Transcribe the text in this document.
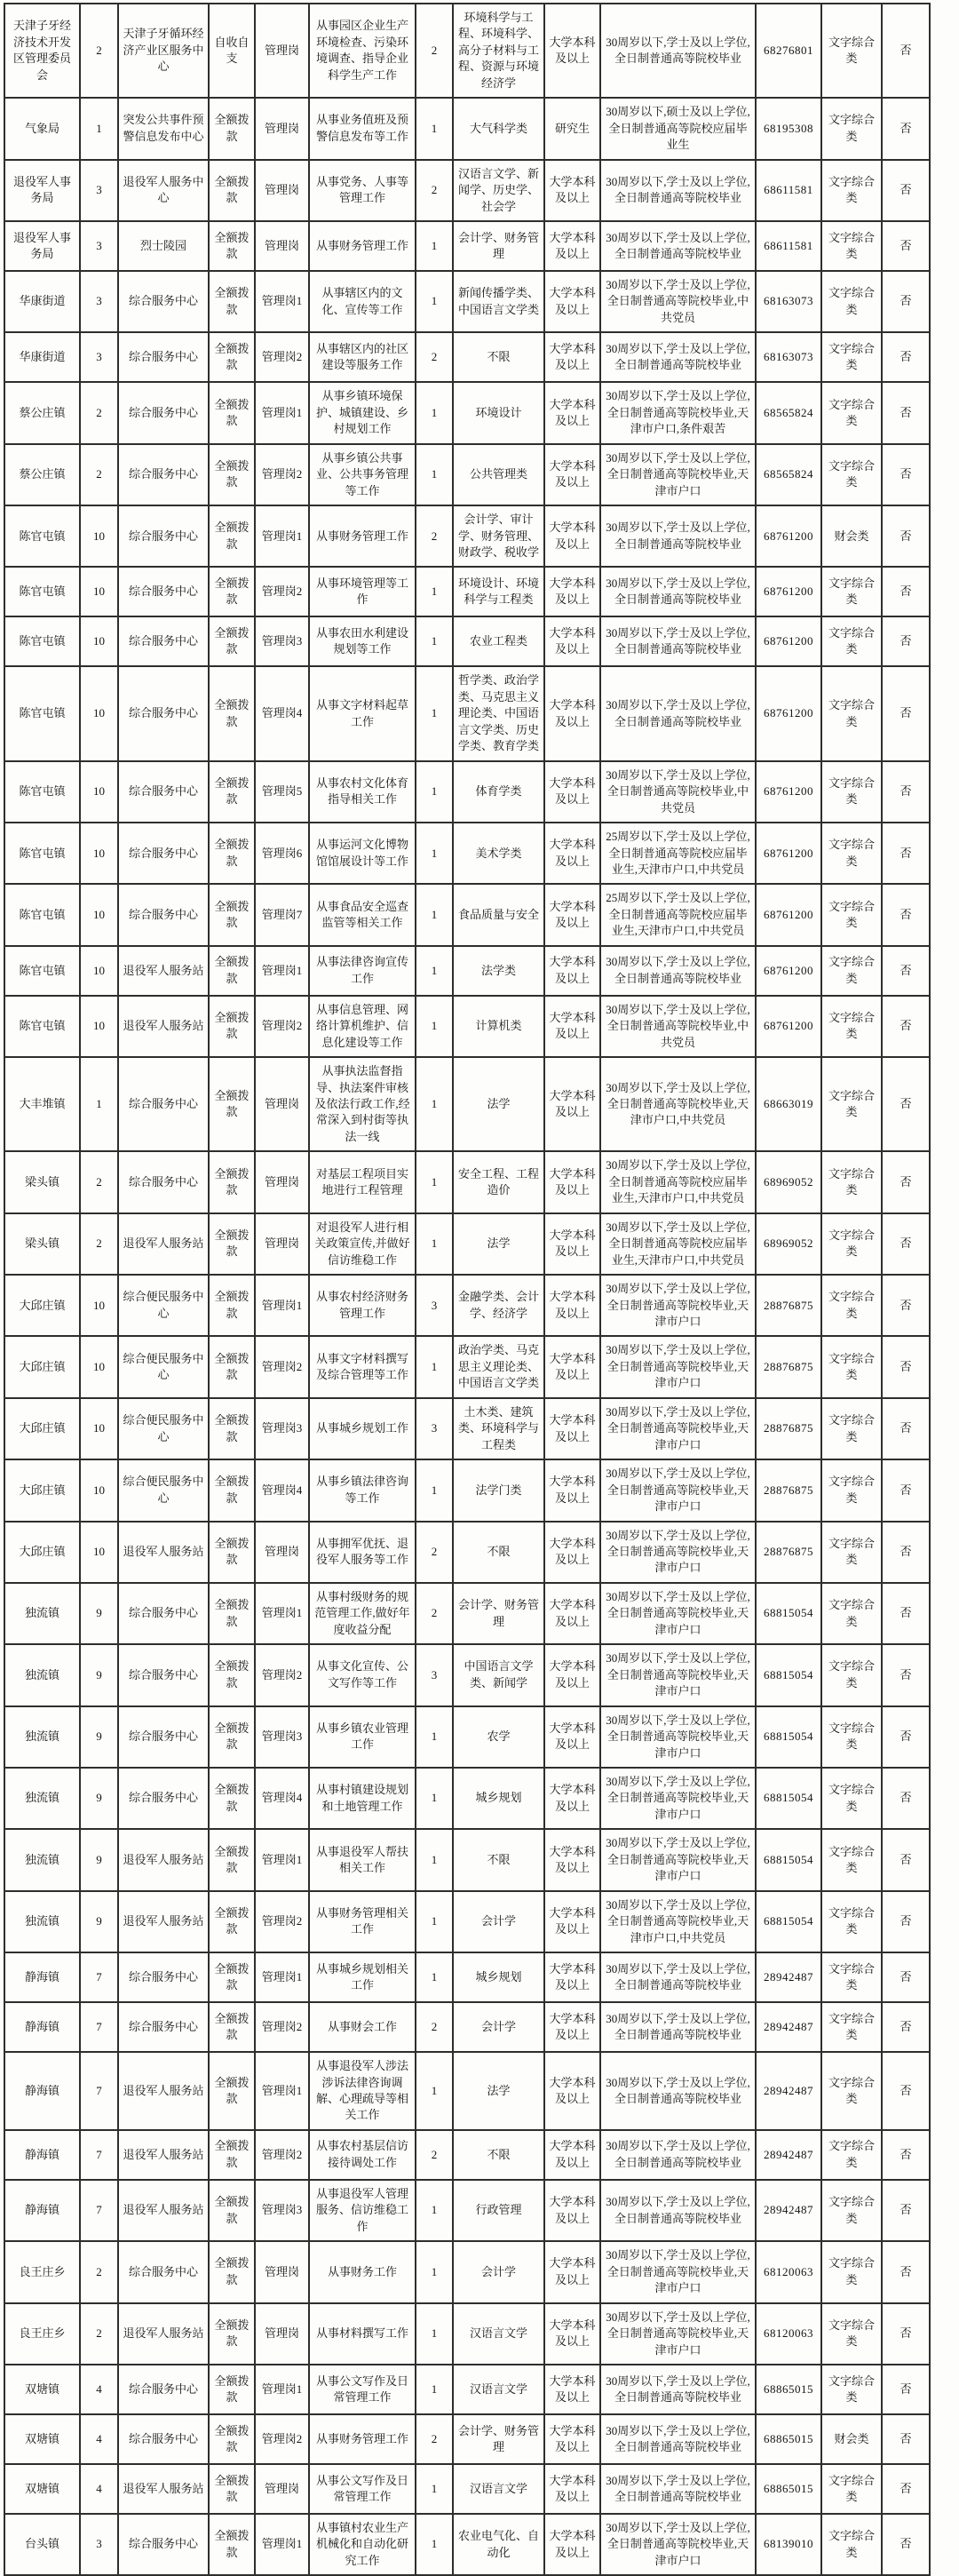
天津子牙经济技术开发区管理委员会	2	天津子牙循环经济产业区服务中心	自收自支	管理岗	从事园区企业生产环境检查、污染环境调查、指导企业科学生产工作	2	环境科学与工程、环境科学、高分子材料与工程、资源与环境经济学	大学本科及以上	30周岁以下,学士及以上学位,全日制普通高等院校毕业	68276801	文字综合类	否
气象局	1	突发公共事件预警信息发布中心	全额拨款	管理岗	从事业务值班及预警信息发布等工作	1	大气科学类	研究生	30周岁以下,硕士及以上学位,全日制普通高等院校应届毕业生	68195308	文字综合类	否
退役军人事务局	3	退役军人服务中心	全额拨款	管理岗	从事党务、人事等管理工作	2	汉语言文学、新闻学、历史学、社会学	大学本科及以上	30周岁以下,学士及以上学位,全日制普通高等院校毕业	68611581	文字综合类	否
退役军人事务局	3	烈士陵园	全额拨款	管理岗	从事财务管理工作	1	会计学、财务管理	大学本科及以上	30周岁以下,学士及以上学位,全日制普通高等院校毕业	68611581	文字综合类	否
华康街道	3	综合服务中心	全额拨款	管理岗1	从事辖区内的文化、宣传等工作	1	新闻传播学类、中国语言文学类	大学本科及以上	30周岁以下,学士及以上学位,全日制普通高等院校毕业,中共党员	68163073	文字综合类	否
华康街道	3	综合服务中心	全额拨款	管理岗2	从事辖区内的社区建设等服务工作	2	不限	大学本科及以上	30周岁以下,学士及以上学位,全日制普通高等院校毕业	68163073	文字综合类	否
蔡公庄镇	2	综合服务中心	全额拨款	管理岗1	从事乡镇环境保护、城镇建设、乡村规划工作	1	环境设计	大学本科及以上	30周岁以下,学士及以上学位,全日制普通高等院校毕业,天津市户口,条件艰苦	68565824	文字综合类	否
蔡公庄镇	2	综合服务中心	全额拨款	管理岗2	从事乡镇公共事业、公共事务管理等工作	1	公共管理类	大学本科及以上	30周岁以下,学士及以上学位,全日制普通高等院校毕业,天津市户口	68565824	文字综合类	否
陈官屯镇	10	综合服务中心	全额拨款	管理岗1	从事财务管理工作	2	会计学、审计学、财务管理、财政学、税收学	大学本科及以上	30周岁以下,学士及以上学位,全日制普通高等院校毕业	68761200	财会类	否
陈官屯镇	10	综合服务中心	全额拨款	管理岗2	从事环境管理等工作	1	环境设计、环境科学与工程类	大学本科及以上	30周岁以下,学士及以上学位,全日制普通高等院校毕业	68761200	文字综合类	否
陈官屯镇	10	综合服务中心	全额拨款	管理岗3	从事农田水利建设规划等工作	1	农业工程类	大学本科及以上	30周岁以下,学士及以上学位,全日制普通高等院校毕业	68761200	文字综合类	否
陈官屯镇	10	综合服务中心	全额拨款	管理岗4	从事文字材料起草工作	1	哲学类、政治学类、马克思主义理论类、中国语言文学类、历史学类、教育学类	大学本科及以上	30周岁以下,学士及以上学位,全日制普通高等院校毕业	68761200	文字综合类	否
陈官屯镇	10	综合服务中心	全额拨款	管理岗5	从事农村文化体育指导相关工作	1	体育学类	大学本科及以上	30周岁以下,学士及以上学位,全日制普通高等院校毕业,中共党员	68761200	文字综合类	否
陈官屯镇	10	综合服务中心	全额拨款	管理岗6	从事运河文化博物馆馆展设计等工作	1	美术学类	大学本科及以上	25周岁以下,学士及以上学位,全日制普通高等院校应届毕业生,天津市户口,中共党员	68761200	文字综合类	否
陈官屯镇	10	综合服务中心	全额拨款	管理岗7	从事食品安全巡查监管等相关工作	1	食品质量与安全	大学本科及以上	25周岁以下,学士及以上学位,全日制普通高等院校应届毕业生,天津市户口,中共党员	68761200	文字综合类	否
陈官屯镇	10	退役军人服务站	全额拨款	管理岗1	从事法律咨询宣传工作	1	法学类	大学本科及以上	30周岁以下,学士及以上学位,全日制普通高等院校毕业	68761200	文字综合类	否
陈官屯镇	10	退役军人服务站	全额拨款	管理岗2	从事信息管理、网络计算机维护、信息化建设等工作	1	计算机类	大学本科及以上	30周岁以下,学士及以上学位,全日制普通高等院校毕业,中共党员	68761200	文字综合类	否
大丰堆镇	1	综合服务中心	全额拨款	管理岗	从事执法监督指导、执法案件审核及依法行政工作,经常深入到村街等执法一线	1	法学	大学本科及以上	30周岁以下,学士及以上学位,全日制普通高等院校毕业,天津市户口,中共党员	68663019	文字综合类	否
梁头镇	2	综合服务中心	全额拨款	管理岗	对基层工程项目实地进行工程管理	1	安全工程、工程造价	大学本科及以上	30周岁以下,学士及以上学位,全日制普通高等院校应届毕业生,天津市户口,中共党员	68969052	文字综合类	否
梁头镇	2	退役军人服务站	全额拨款	管理岗	对退役军人进行相关政策宣传,并做好信访维稳工作	1	法学	大学本科及以上	30周岁以下,学士及以上学位,全日制普通高等院校应届毕业生,天津市户口,中共党员	68969052	文字综合类	否
大邱庄镇	10	综合便民服务中心	全额拨款	管理岗1	从事农村经济财务管理工作	3	金融学类、会计学、经济学	大学本科及以上	30周岁以下,学士及以上学位,全日制普通高等院校毕业,天津市户口	28876875	文字综合类	否
大邱庄镇	10	综合便民服务中心	全额拨款	管理岗2	从事文字材料撰写及综合管理等工作	1	政治学类、马克思主义理论类、中国语言文学类	大学本科及以上	30周岁以下,学士及以上学位,全日制普通高等院校毕业,天津市户口	28876875	文字综合类	否
大邱庄镇	10	综合便民服务中心	全额拨款	管理岗3	从事城乡规划工作	3	土木类、建筑类、环境科学与工程类	大学本科及以上	30周岁以下,学士及以上学位,全日制普通高等院校毕业,天津市户口	28876875	文字综合类	否
大邱庄镇	10	综合便民服务中心	全额拨款	管理岗4	从事乡镇法律咨询等工作	1	法学门类	大学本科及以上	30周岁以下,学士及以上学位,全日制普通高等院校毕业,天津市户口	28876875	文字综合类	否
大邱庄镇	10	退役军人服务站	全额拨款	管理岗	从事拥军优抚、退役军人服务等工作	2	不限	大学本科及以上	30周岁以下,学士及以上学位,全日制普通高等院校毕业,天津市户口	28876875	文字综合类	否
独流镇	9	综合服务中心	全额拨款	管理岗1	从事村级财务的规范管理工作,做好年度收益分配	2	会计学、财务管理	大学本科及以上	30周岁以下,学士及以上学位,全日制普通高等院校毕业,天津市户口	68815054	文字综合类	否
独流镇	9	综合服务中心	全额拨款	管理岗2	从事文化宣传、公文写作等工作	3	中国语言文学类、新闻学	大学本科及以上	30周岁以下,学士及以上学位,全日制普通高等院校毕业,天津市户口	68815054	文字综合类	否
独流镇	9	综合服务中心	全额拨款	管理岗3	从事乡镇农业管理工作	1	农学	大学本科及以上	30周岁以下,学士及以上学位,全日制普通高等院校毕业,天津市户口	68815054	文字综合类	否
独流镇	9	综合服务中心	全额拨款	管理岗4	从事村镇建设规划和土地管理工作	1	城乡规划	大学本科及以上	30周岁以下,学士及以上学位,全日制普通高等院校毕业,天津市户口	68815054	文字综合类	否
独流镇	9	退役军人服务站	全额拨款	管理岗1	从事退役军人帮扶相关工作	1	不限	大学本科及以上	30周岁以下,学士及以上学位,全日制普通高等院校毕业,天津市户口	68815054	文字综合类	否
独流镇	9	退役军人服务站	全额拨款	管理岗2	从事财务管理相关工作	1	会计学	大学本科及以上	30周岁以下,学士及以上学位,全日制普通高等院校毕业,天津市户口,中共党员	68815054	文字综合类	否
静海镇	7	综合服务中心	全额拨款	管理岗1	从事城乡规划相关工作	1	城乡规划	大学本科及以上	30周岁以下,学士及以上学位,全日制普通高等院校毕业	28942487	文字综合类	否
静海镇	7	综合服务中心	全额拨款	管理岗2	从事财会工作	2	会计学	大学本科及以上	30周岁以下,学士及以上学位,全日制普通高等院校毕业	28942487	文字综合类	否
静海镇	7	退役军人服务站	全额拨款	管理岗1	从事退役军人涉法涉诉法律咨询调解、心理疏导等相关工作	1	法学	大学本科及以上	30周岁以下,学士及以上学位,全日制普通高等院校毕业	28942487	文字综合类	否
静海镇	7	退役军人服务站	全额拨款	管理岗2	从事农村基层信访接待调处工作	2	不限	大学本科及以上	30周岁以下,学士及以上学位,全日制普通高等院校毕业	28942487	文字综合类	否
静海镇	7	退役军人服务站	全额拨款	管理岗3	从事退役军人管理服务、信访维稳工作	1	行政管理	大学本科及以上	30周岁以下,学士及以上学位,全日制普通高等院校毕业	28942487	文字综合类	否
良王庄乡	2	综合服务中心	全额拨款	管理岗	从事财务工作	1	会计学	大学本科及以上	30周岁以下,学士及以上学位,全日制普通高等院校毕业,天津市户口	68120063	文字综合类	否
良王庄乡	2	退役军人服务站	全额拨款	管理岗	从事材料撰写工作	1	汉语言文学	大学本科及以上	30周岁以下,学士及以上学位,全日制普通高等院校毕业,天津市户口	68120063	文字综合类	否
双塘镇	4	综合服务中心	全额拨款	管理岗1	从事公文写作及日常管理工作	1	汉语言文学	大学本科及以上	30周岁以下,学士及以上学位,全日制普通高等院校毕业	68865015	文字综合类	否
双塘镇	4	综合服务中心	全额拨款	管理岗2	从事财务管理工作	2	会计学、财务管理	大学本科及以上	30周岁以下,学士及以上学位,全日制普通高等院校毕业	68865015	财会类	否
双塘镇	4	退役军人服务站	全额拨款	管理岗	从事公文写作及日常管理工作	1	汉语言文学	大学本科及以上	30周岁以下,学士及以上学位,全日制普通高等院校毕业	68865015	文字综合类	否
台头镇	3	综合服务中心	全额拨款	管理岗1	从事镇村农业生产机械化和自动化研究工作	1	农业电气化、自动化	大学本科及以上	30周岁以下,学士及以上学位,全日制普通高等院校毕业,天津市户口	68139010	文字综合类	否
